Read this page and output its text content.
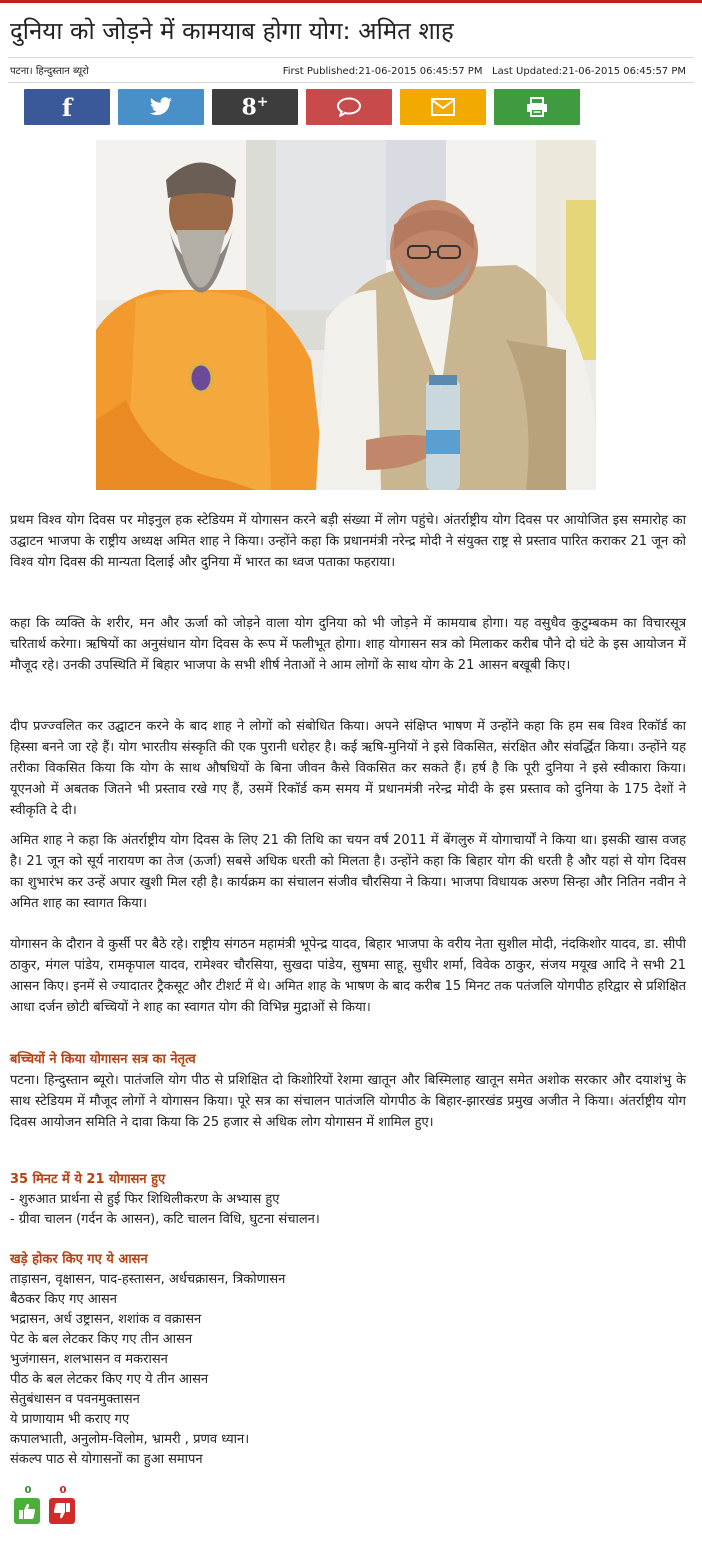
दुनिया को जोड़ने में कामयाब होगा योग: अमित शाह
पटना। हिन्दुस्तान ब्यूरो	First Published:21-06-2015 06:45:57 PM Last Updated:21-06-2015 06:45:57 PM
f	8+

प्रथम विश्व योग दिवस पर मोइनुल हक स्टेडियम में योगासन करने बड़ी संख्या में लोग पहुंचे। अंतर्राष्ट्रीय योग दिवस पर आयोजित इस समारोह का उद्घाटन भाजपा के राष्ट्रीय अध्यक्ष अमित शाह ने किया। उन्होंने कहा कि प्रधानमंत्री नरेन्द्र मोदी ने संयुक्त राष्ट्र से प्रस्ताव पारित कराकर 21 जून को विश्व योग दिवस की मान्यता दिलाई और दुनिया में भारत का ध्वज पताका फहराया।

कहा कि व्यक्ति के शरीर, मन और ऊर्जा को जोड़ने वाला योग दुनिया को भी जोड़ने में कामयाब होगा। यह वसुधैव कुटुम्बकम का विचारसूत्र चरितार्थ करेगा। ऋषियों का अनुसंधान योग दिवस के रूप में फलीभूत होगा। शाह योगासन सत्र को मिलाकर करीब पौने दो घंटे के इस आयोजन में मौजूद रहे। उनकी उपस्थिति में बिहार भाजपा के सभी शीर्ष नेताओं ने आम लोगों के साथ योग के 21 आसन बखूबी किए।

दीप प्रज्ज्वलित कर उद्घाटन करने के बाद शाह ने लोगों को संबोधित किया। अपने संक्षिप्त भाषण में उन्होंने कहा कि हम सब विश्व रिकॉर्ड का हिस्सा बनने जा रहे हैं। योग भारतीय संस्कृति की एक पुरानी धरोहर है। कई ऋषि-मुनियों ने इसे विकसित, संरक्षित और संवर्द्धित किया। उन्होंने यह तरीका विकसित किया कि योग के साथ औषधियों के बिना जीवन कैसे विकसित कर सकते हैं। हर्ष है कि पूरी दुनिया ने इसे स्वीकारा किया। यूएनओ में अबतक जितने भी प्रस्ताव रखे गए हैं, उसमें रिकॉर्ड कम समय में प्रधानमंत्री नरेन्द्र मोदी के इस प्रस्ताव को दुनिया के 175 देशों ने स्वीकृति दे दी।

अमित शाह ने कहा कि अंतर्राष्ट्रीय योग दिवस के लिए 21 की तिथि का चयन वर्ष 2011 में बेंगलुरु में योगाचार्यों ने किया था। इसकी खास वजह है। 21 जून को सूर्य नारायण का तेज (ऊर्जा) सबसे अधिक धरती को मिलता है। उन्होंने कहा कि बिहार योग की धरती है और यहां से योग दिवस का शुभारंभ कर उन्हें अपार खुशी मिल रही है। कार्यक्रम का संचालन संजीव चौरसिया ने किया। भाजपा विधायक अरुण सिन्हा और नितिन नवीन ने अमित शाह का स्वागत किया।

योगासन के दौरान वे कुर्सी पर बैठे रहे। राष्ट्रीय संगठन महामंत्री भूपेन्द्र यादव, बिहार भाजपा के वरीय नेता सुशील मोदी, नंदकिशोर यादव, डा. सीपी ठाकुर, मंगल पांडेय, रामकृपाल यादव, रामेश्वर चौरसिया, सुखदा पांडेय, सुषमा साहू, सुधीर शर्मा, विवेक ठाकुर, संजय मयूख आदि ने सभी 21 आसन किए। इनमें से ज्यादातर ट्रैकसूट और टीशर्ट में थे। अमित शाह के भाषण के बाद करीब 15 मिनट तक पतंजलि योगपीठ हरिद्वार से प्रशिक्षित आधा दर्जन छोटी बच्चियों ने शाह का स्वागत योग की विभिन्न मुद्राओं से किया।

बच्चियों ने किया योगासन सत्र का नेतृत्व

पटना। हिन्दुस्तान ब्यूरो। पातंजलि योग पीठ से प्रशिक्षित दो किशोरियों रेशमा खातून और बिस्मिलाह खातून समेत अशोक सरकार और दयाशंभु के साथ स्टेडियम में मौजूद लोगों ने योगासन किया। पूरे सत्र का संचालन पातंजलि योगपीठ के बिहार-झारखंड प्रमुख अजीत ने किया। अंतर्राष्ट्रीय योग दिवस आयोजन समिति ने दावा किया कि 25 हजार से अधिक लोग योगासन में शामिल हुए।

35 मिनट में ये 21 योगासन हुए

- शुरुआत प्रार्थना से हुई फिर शिथिलीकरण के अभ्यास हुए

- ग्रीवा चालन (गर्दन के आसन), कटि चालन विधि, घुटना संचालन।

खड़े होकर किए गए ये आसन

ताड़ासन, वृक्षासन, पाद-हस्तासन, अर्धचक्रासन, त्रिकोणासन

बैठकर किए गए आसन

भद्रासन, अर्ध उष्ट्रासन, शशांक व वक्रासन

पेट के बल लेटकर किए गए तीन आसन

भुजंगासन, शलभासन व मकरासन

पीठ के बल लेटकर किए गए ये तीन आसन

सेतुबंधासन व पवनमुक्तासन

ये प्राणायाम भी कराए गए

कपालभाती, अनुलोम-विलोम, भ्रामरी , प्रणव ध्यान।

संकल्प पाठ से योगासनों का हुआ समापन

0	0
